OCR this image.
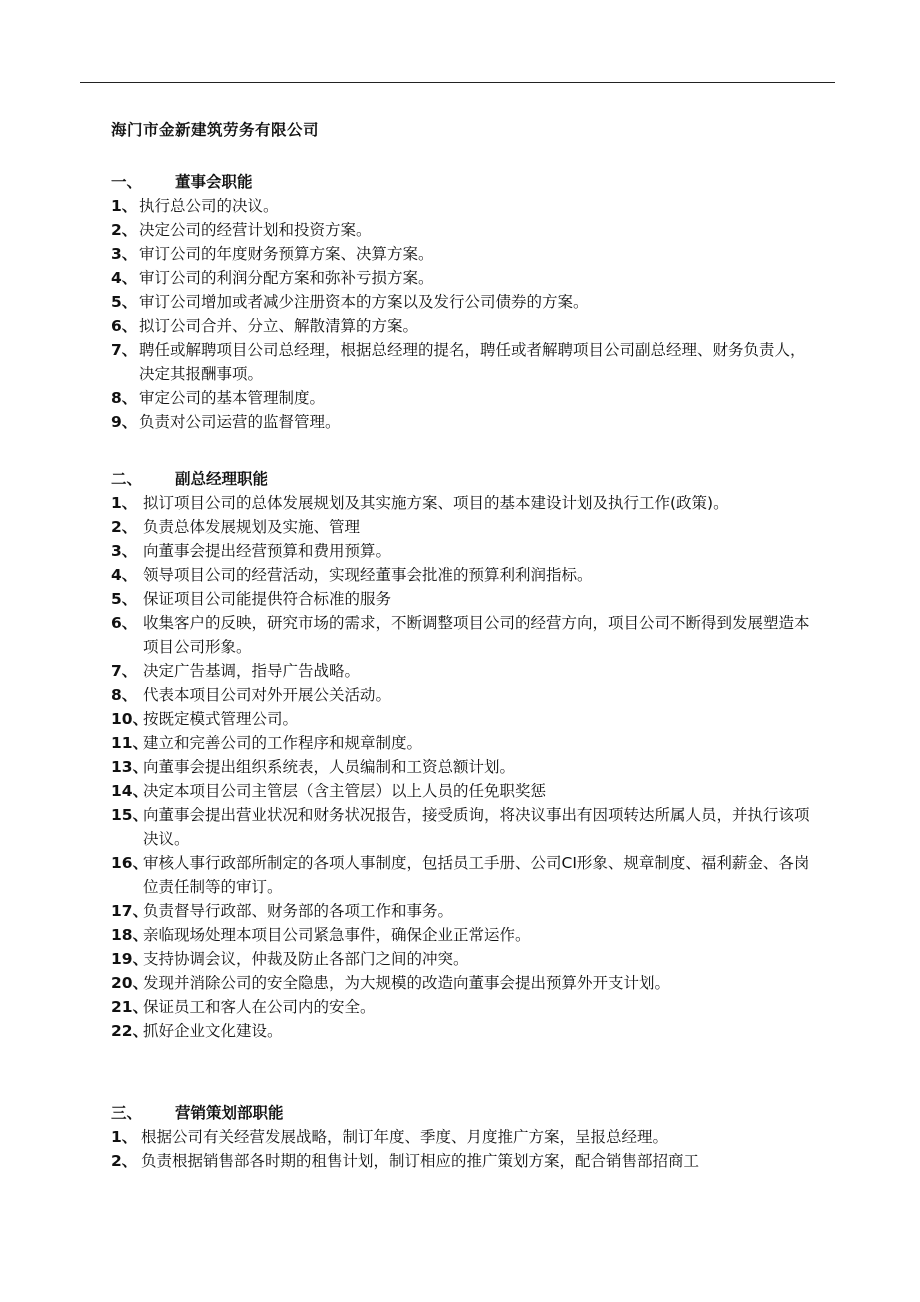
海门市金新建筑劳务有限公司
一、 董事会职能
1、 执行总公司的决议。
2、 决定公司的经营计划和投资方案。
3、 审订公司的年度财务预算方案、决算方案。
4、 审订公司的利润分配方案和弥补亏损方案。
5、 审订公司增加或者减少注册资本的方案以及发行公司债券的方案。
6、 拟订公司合并、分立、解散清算的方案。
7、 聘任或解聘项目公司总经理，根据总经理的提名，聘任或者解聘项目公司副总经理、财务负责人，决定其报酬事项。
8、 审定公司的基本管理制度。
9、 负责对公司运营的监督管理。
二、 副总经理职能
1、 拟订项目公司的总体发展规划及其实施方案、项目的基本建设计划及执行工作(政策)。
2、 负责总体发展规划及实施、管理
3、 向董事会提出经营预算和费用预算。
4、 领导项目公司的经营活动，实现经董事会批准的预算利利润指标。
5、 保证项目公司能提供符合标准的服务
6、 收集客户的反映，研究市场的需求，不断调整项目公司的经营方向，项目公司不断得到发展塑造本项目公司形象。
7、 决定广告基调，指导广告战略。
8、 代表本项目公司对外开展公关活动。
10、
按既定模式管理公司。
11、
建立和完善公司的工作程序和规章制度。
13、
向董事会提出组织系统表，人员编制和工资总额计划。
14、
决定本项目公司主管层（含主管层）以上人员的任免职奖惩
15、
向董事会提出营业状况和财务状况报告，接受质询，将决议事出有因项转达所属人员，并执行该项决议。
16、
审核人事行政部所制定的各项人事制度，包括员工手册、公司CI形象、规章制度、福利薪金、各岗位责任制等的审订。
17、
负责督导行政部、财务部的各项工作和事务。
18、
亲临现场处理本项目公司紧急事件，确保企业正常运作。
19、
支持协调会议，仲裁及防止各部门之间的冲突。
20、
发现并消除公司的安全隐患，为大规模的改造向董事会提出预算外开支计划。
21、
保证员工和客人在公司内的安全。
22、
抓好企业文化建设。
三、 营销策划部职能
1、 根据公司有关经营发展战略，制订年度、季度、月度推广方案，呈报总经理。
2、 负责根据销售部各时期的租售计划，制订相应的推广策划方案，配合销售部招商工
